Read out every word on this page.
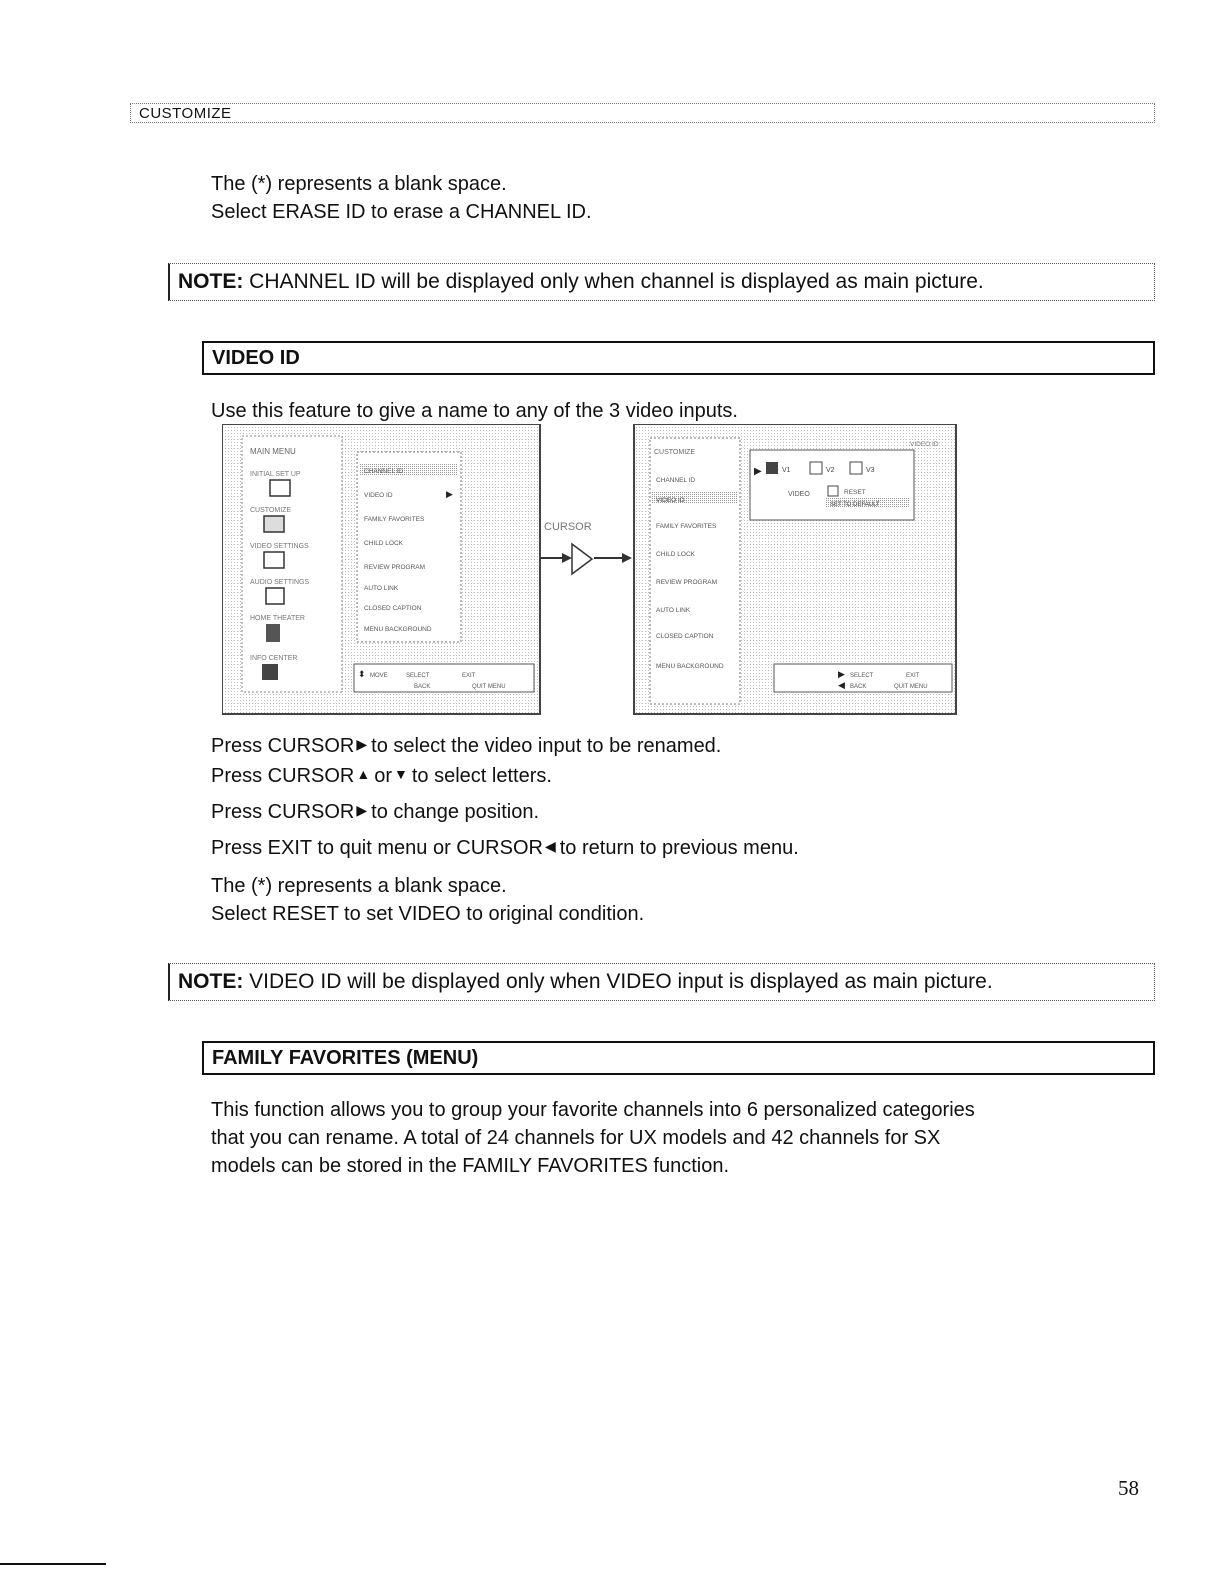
CUSTOMIZE

The (*) represents a blank space.
Select ERASE ID to erase a CHANNEL ID.

NOTE: CHANNEL ID will be displayed only when channel is displayed as main picture.
VIDEO ID

Use this feature to give a name to any of the 3 video inputs.

MAIN MENU
INITIAL SET UP
CUSTOMIZE
VIDEO SETTINGS
AUDIO SETTINGS
HOME THEATER
INFO CENTER
CHANNEL ID
VIDEO ID	▶
FAMILY FAVORITES
CHILD LOCK
REVIEW PROGRAM
AUTO LINK
CLOSED CAPTION
MENU BACKGROUND
⬍ MOVE	SELECT	EXIT
BACK	QUIT MENU
CURSOR
CUSTOMIZE
VIDEO ID
CHANNEL ID
VIDEO ID
FAMILY FAVORITES
CHILD LOCK
REVIEW PROGRAM
AUTO LINK
CLOSED CAPTION
MENU BACKGROUND
▶	V1	V2	V3
VIDEO	RESET
SET TO DEFAULT
▶ SELECT	EXIT
◀ BACK	QUIT MENU

Press CURSOR ▶ to select the video input to be renamed.
Press CURSOR ▲ or ▼ to select letters.
Press CURSOR ▶ to change position.
Press EXIT to quit menu or CURSOR ◀ to return to previous menu.

The (*) represents a blank space.
Select RESET to set VIDEO to original condition.

NOTE: VIDEO ID will be displayed only when VIDEO input is displayed as main picture.
FAMILY FAVORITES (MENU)

This function allows you to group your favorite channels into 6 personalized categories
that you can rename. A total of 24 channels for UX models and 42 channels for SX
models can be stored in the FAMILY FAVORITES function.

58
